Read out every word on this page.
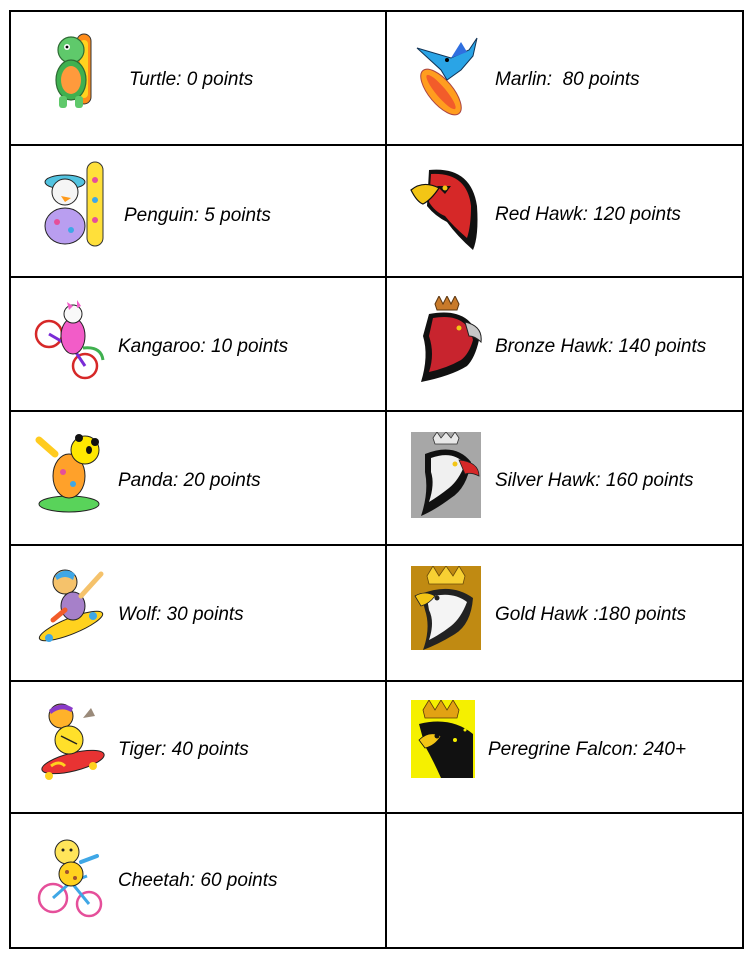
Turtle: 0 points	Marlin:  80 points

Penguin: 5 points	Red Hawk: 120 points

Kangaroo: 10 points	Bronze Hawk: 140 points

Panda: 20 points	Silver Hawk: 160 points

Wolf: 30 points	Gold Hawk :180 points

Tiger: 40 points	Peregrine Falcon: 240+

Cheetah: 60 points	
